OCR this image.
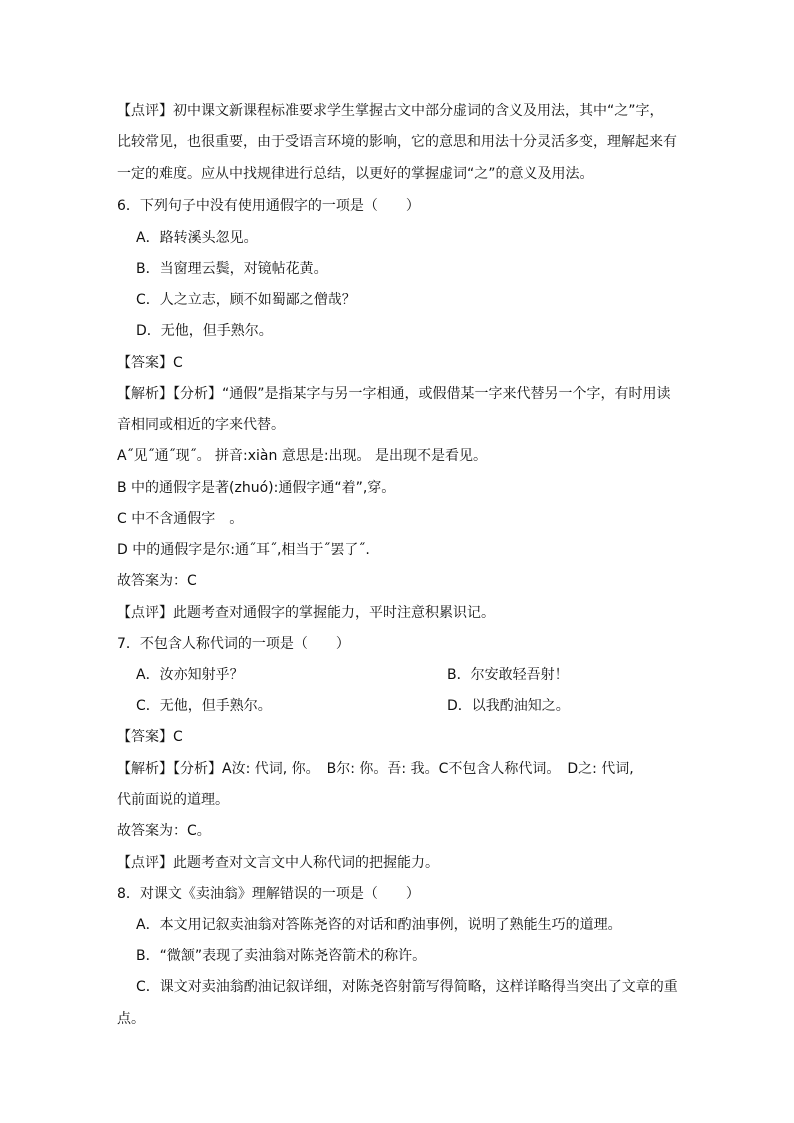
【点评】初中课文新课程标准要求学生掌握古文中部分虚词的含义及用法，其中“之”字，
比较常见，也很重要，由于受语言环境的影响，它的意思和用法十分灵活多变，理解起来有
一定的难度。应从中找规律进行总结，以更好的掌握虚词“之”的意义及用法。
6．下列句子中没有使用通假字的一项是（　　）
A．路转溪头忽见。
B．当窗理云鬓，对镜帖花黄。
C．人之立志，顾不如蜀鄙之僧哉？
D．无他，但手熟尔。
【答案】C
【解析】【分析】“通假”是指某字与另一字相通，或假借某一字来代替另一个字，有时用读
音相同或相近的字来代替。
A˝见˝通˝现˝。 拼音:xiàn 意思是:出现。 是出现不是看见。
B 中的通假字是著(zhuó):通假字通“着”,穿。
C 中不含通假字　。
D 中的通假字是尔:通˝耳˝,相当于˝罢了˝.
故答案为：C
【点评】此题考查对通假字的掌握能力，平时注意积累识记。
7．不包含人称代词的一项是（　　）
A．汝亦知射乎？	B．尔安敢轻吾射！
C．无他，但手熟尔。	D．以我酌油知之。
【答案】C
【解析】【分析】A汝: 代词, 你。　B尔: 你。吾: 我。C不包含人称代词。　D之: 代词,
代前面说的道理。
故答案为：C。
【点评】此题考查对文言文中人称代词的把握能力。
8．对课文《卖油翁》理解错误的一项是（　　）
A．本文用记叙卖油翁对答陈尧咨的对话和酌油事例，说明了熟能生巧的道理。
B．“微颔”表现了卖油翁对陈尧咨箭术的称许。
C．课文对卖油翁酌油记叙详细，对陈尧咨射箭写得简略，这样详略得当突出了文章的重
点。
